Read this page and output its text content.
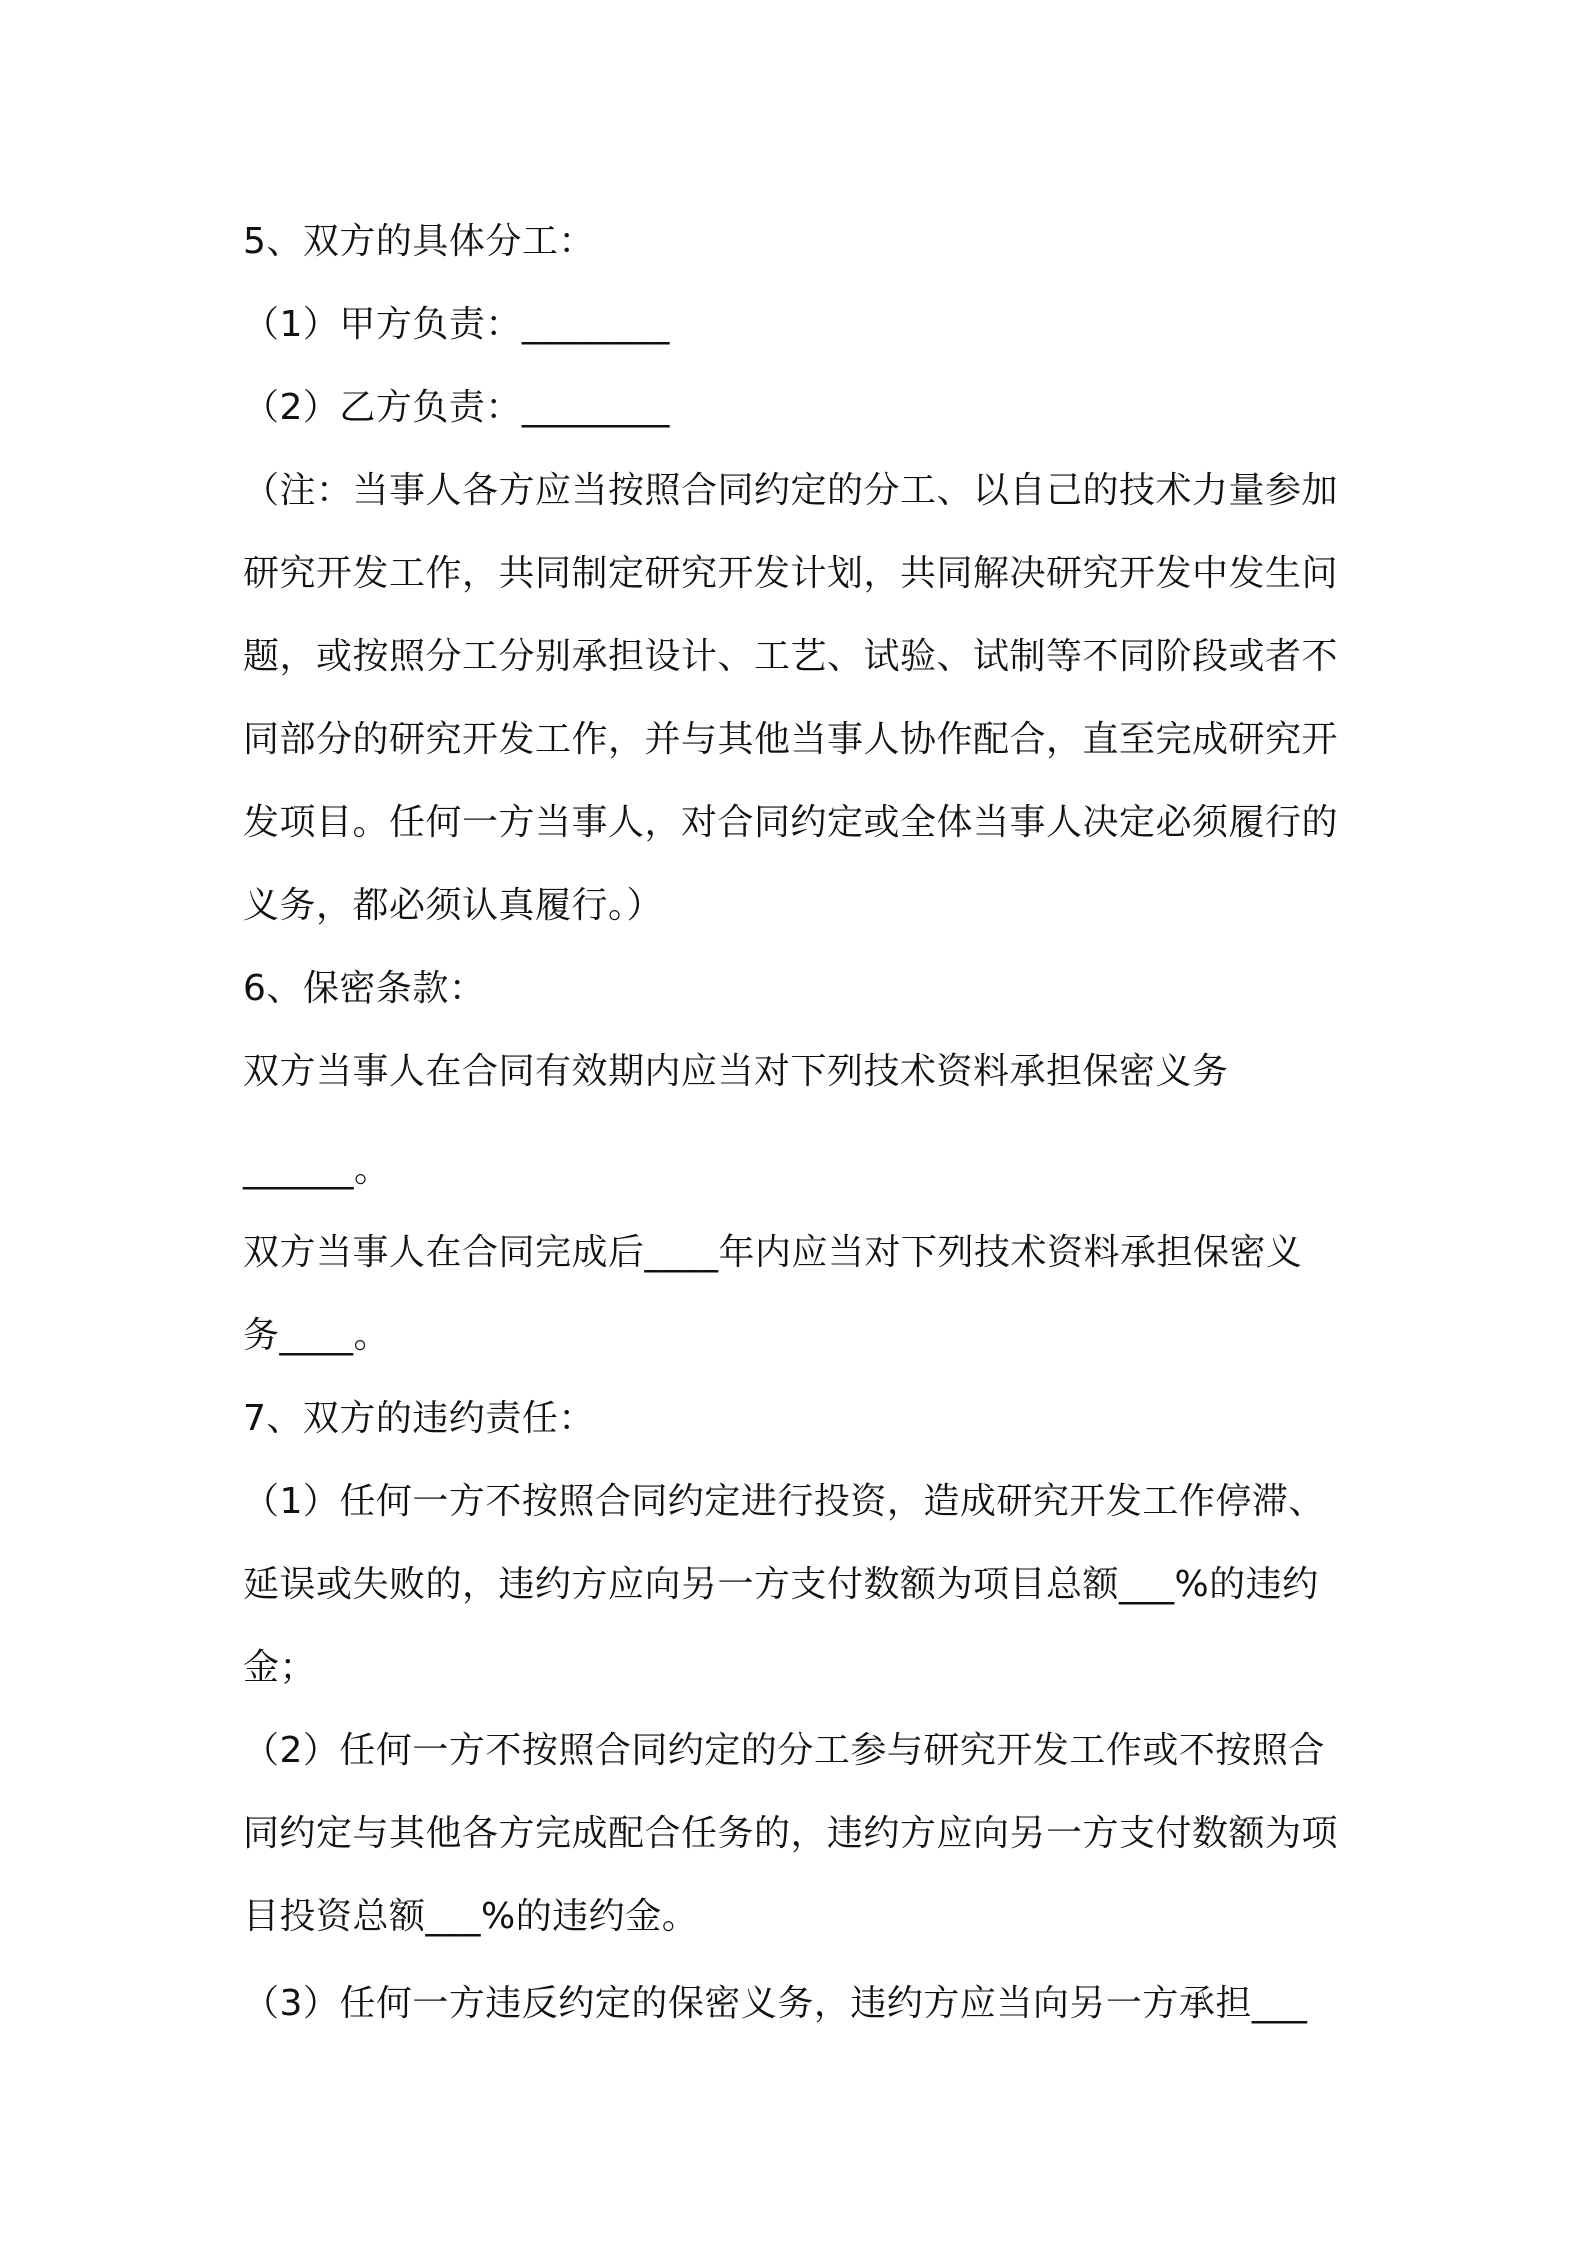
5、双方的具体分工：

（1）甲方负责：________

（2）乙方负责：________

（注：当事人各方应当按照合同约定的分工、以自己的技术力量参加

研究开发工作，共同制定研究开发计划，共同解决研究开发中发生问

题，或按照分工分别承担设计、工艺、试验、试制等不同阶段或者不

同部分的研究开发工作，并与其他当事人协作配合，直至完成研究开

发项目。任何一方当事人，对合同约定或全体当事人决定必须履行的

义务，都必须认真履行。）

6、保密条款：

双方当事人在合同有效期内应当对下列技术资料承担保密义务

______。

双方当事人在合同完成后____年内应当对下列技术资料承担保密义

务____。

7、双方的违约责任：

（1）任何一方不按照合同约定进行投资，造成研究开发工作停滞、

延误或失败的，违约方应向另一方支付数额为项目总额___%的违约

金；

（2）任何一方不按照合同约定的分工参与研究开发工作或不按照合

同约定与其他各方完成配合任务的，违约方应向另一方支付数额为项

目投资总额___%的违约金。

（3）任何一方违反约定的保密义务，违约方应当向另一方承担___
